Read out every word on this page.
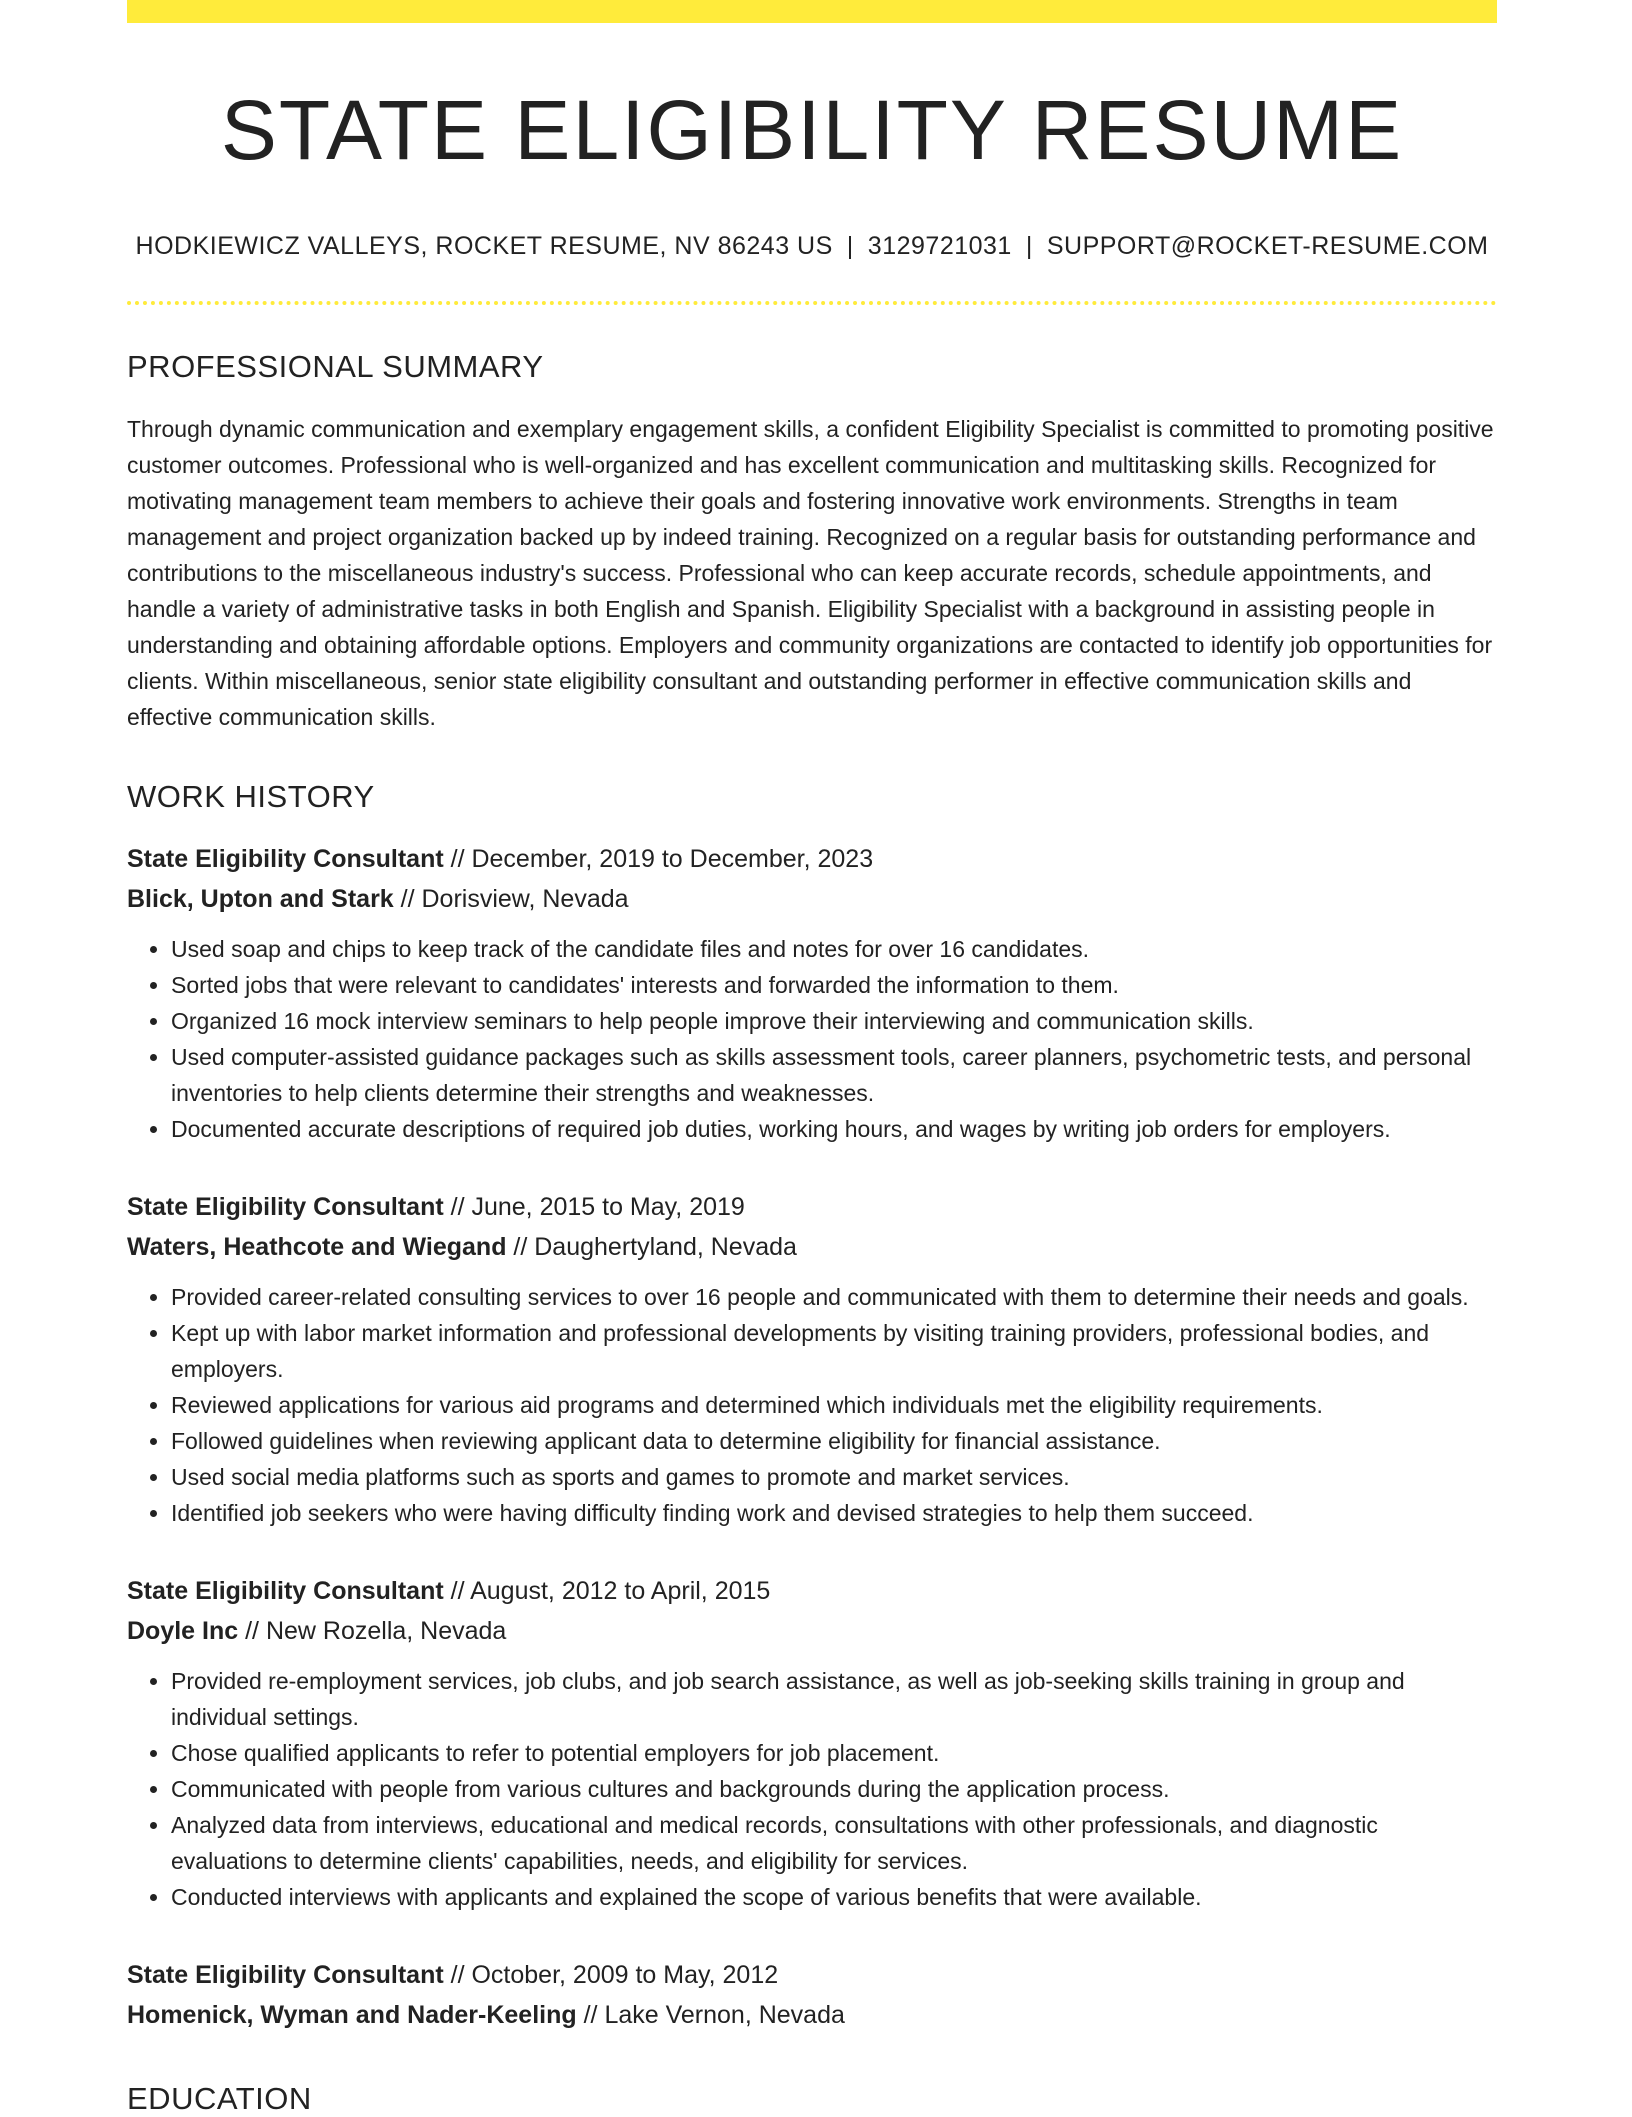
STATE ELIGIBILITY RESUME
HODKIEWICZ VALLEYS, ROCKET RESUME, NV 86243 US | 3129721031 | SUPPORT@ROCKET-RESUME.COM
PROFESSIONAL SUMMARY

Through dynamic communication and exemplary engagement skills, a confident Eligibility Specialist is committed to promoting positive customer outcomes. Professional who is well-organized and has excellent communication and multitasking skills. Recognized for motivating management team members to achieve their goals and fostering innovative work environments. Strengths in team management and project organization backed up by indeed training. Recognized on a regular basis for outstanding performance and contributions to the miscellaneous industry's success. Professional who can keep accurate records, schedule appointments, and handle a variety of administrative tasks in both English and Spanish. Eligibility Specialist with a background in assisting people in understanding and obtaining affordable options. Employers and community organizations are contacted to identify job opportunities for clients. Within miscellaneous, senior state eligibility consultant and outstanding performer in effective communication skills and effective communication skills.

WORK HISTORY
State Eligibility Consultant // December, 2019 to December, 2023
Blick, Upton and Stark // Dorisview, Nevada
• Used soap and chips to keep track of the candidate files and notes for over 16 candidates.
• Sorted jobs that were relevant to candidates' interests and forwarded the information to them.
• Organized 16 mock interview seminars to help people improve their interviewing and communication skills.
• Used computer-assisted guidance packages such as skills assessment tools, career planners, psychometric tests, and personal inventories to help clients determine their strengths and weaknesses.
• Documented accurate descriptions of required job duties, working hours, and wages by writing job orders for employers.
State Eligibility Consultant // June, 2015 to May, 2019
Waters, Heathcote and Wiegand // Daughertyland, Nevada
• Provided career-related consulting services to over 16 people and communicated with them to determine their needs and goals.
• Kept up with labor market information and professional developments by visiting training providers, professional bodies, and employers.
• Reviewed applications for various aid programs and determined which individuals met the eligibility requirements.
• Followed guidelines when reviewing applicant data to determine eligibility for financial assistance.
• Used social media platforms such as sports and games to promote and market services.
• Identified job seekers who were having difficulty finding work and devised strategies to help them succeed.
State Eligibility Consultant // August, 2012 to April, 2015
Doyle Inc // New Rozella, Nevada
• Provided re-employment services, job clubs, and job search assistance, as well as job-seeking skills training in group and individual settings.
• Chose qualified applicants to refer to potential employers for job placement.
• Communicated with people from various cultures and backgrounds during the application process.
• Analyzed data from interviews, educational and medical records, consultations with other professionals, and diagnostic evaluations to determine clients' capabilities, needs, and eligibility for services.
• Conducted interviews with applicants and explained the scope of various benefits that were available.
State Eligibility Consultant // October, 2009 to May, 2012
Homenick, Wyman and Nader-Keeling // Lake Vernon, Nevada
EDUCATION
